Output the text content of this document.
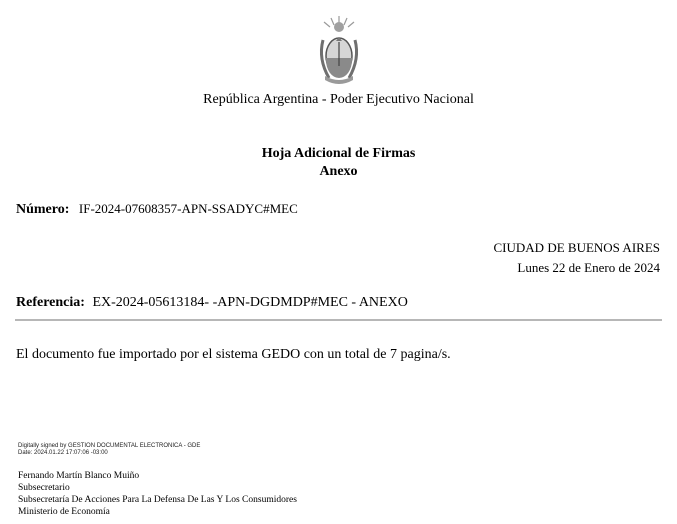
República Argentina - Poder Ejecutivo Nacional
Hoja Adicional de Firmas
Anexo
Número: IF-2024-07608357-APN-SSADYC#MEC
CIUDAD DE BUENOS AIRES
Lunes 22 de Enero de 2024
Referencia: EX-2024-05613184- -APN-DGDMDP#MEC - ANEXO
El documento fue importado por el sistema GEDO con un total de 7 pagina/s.
Digitally signed by GESTION DOCUMENTAL ELECTRONICA - GDE
Date: 2024.01.22 17:07:06 -03:00
Fernando Martín Blanco Muiño
Subsecretario
Subsecretaría De Acciones Para La Defensa De Las Y Los Consumidores
Ministerio de Economía
